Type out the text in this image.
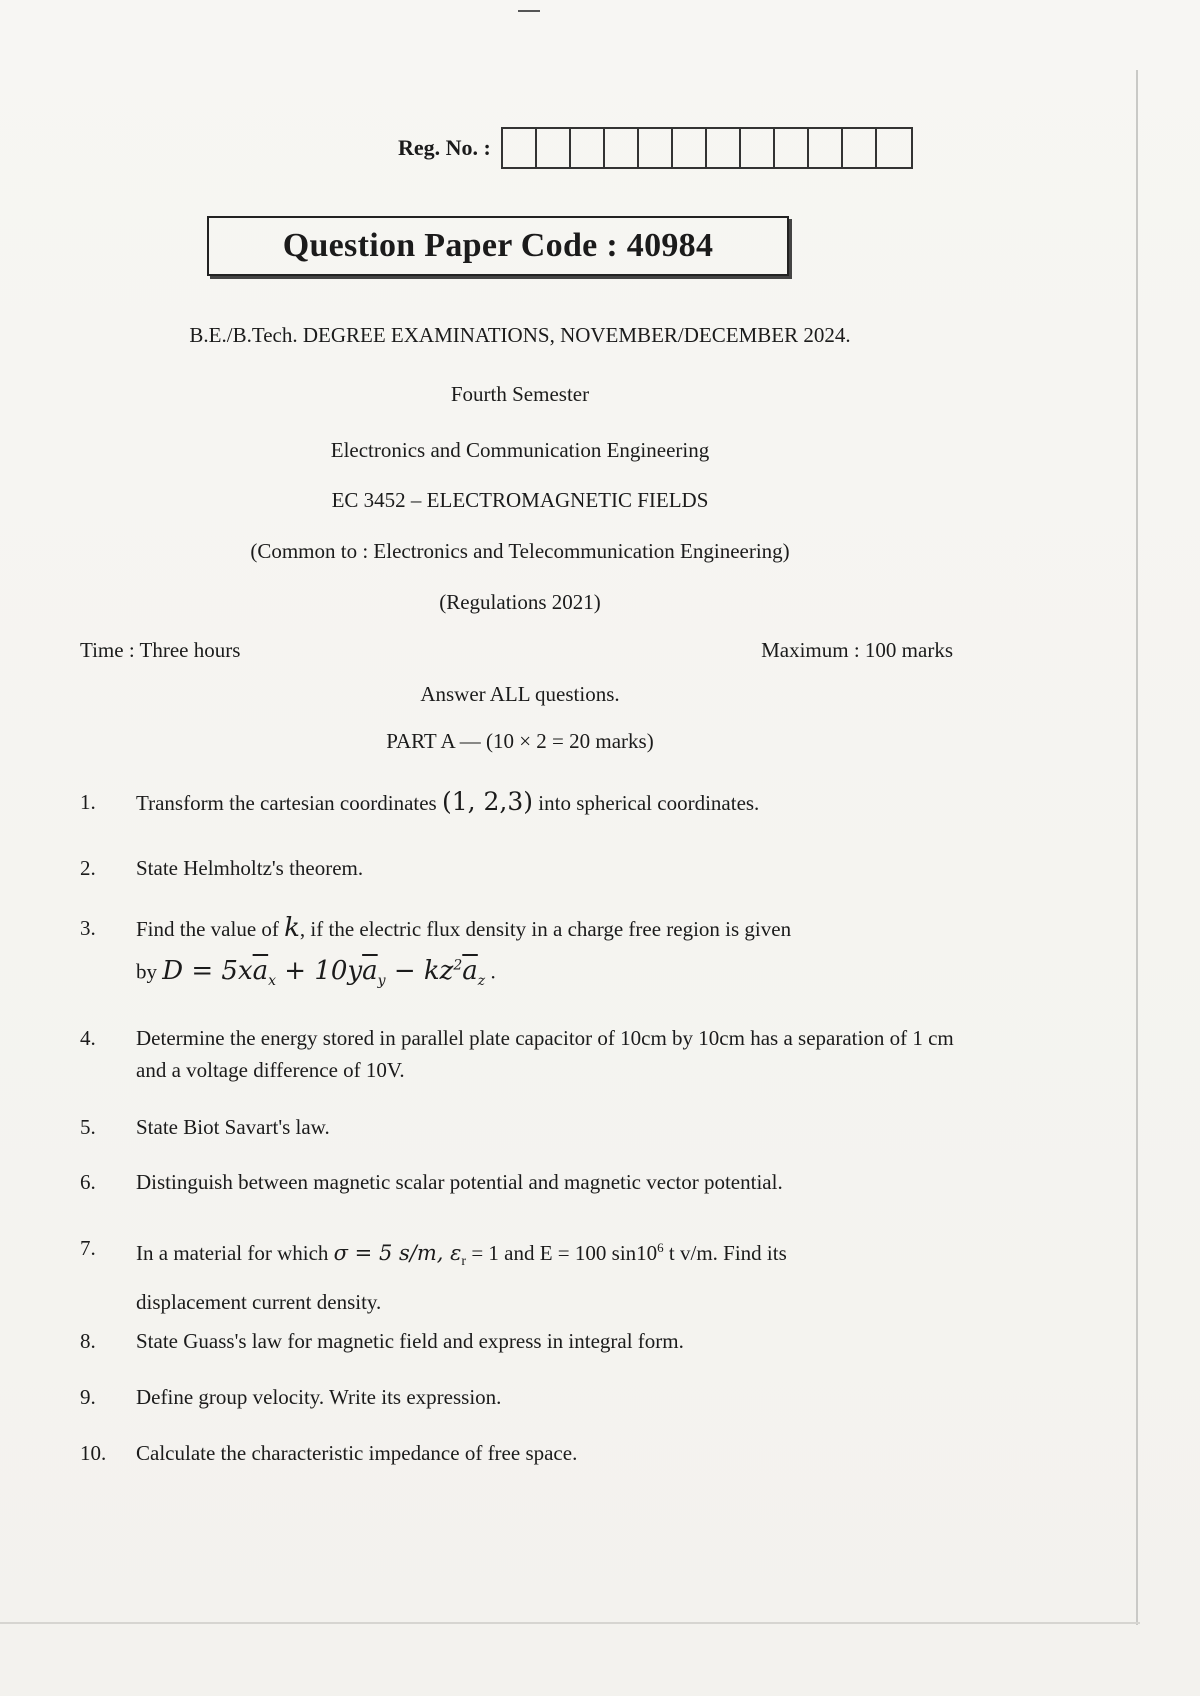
Reg. No. :
Question Paper Code : 40984
B.E./B.Tech. DEGREE EXAMINATIONS, NOVEMBER/DECEMBER 2024.
Fourth Semester
Electronics and Communication Engineering
EC 3452 – ELECTROMAGNETIC FIELDS
(Common to : Electronics and Telecommunication Engineering)
(Regulations 2021)
Time : Three hours	Maximum : 100 marks
Answer ALL questions.
PART A — (10 × 2 = 20 marks)
1.	Transform the cartesian coordinates (1, 2,3) into spherical coordinates.
2.	State Helmholtz's theorem.
3.	Find the value of k, if the electric flux density in a charge free region is given
by $D = 5x\overline{a}_x + 10y\overline{a}_y - kz^2\overline{a}_z$ .
4.	Determine the energy stored in parallel plate capacitor of 10cm by 10cm has a separation of 1 cm and a voltage difference of 10V.
5.	State Biot Savart's law.
6.	Distinguish between magnetic scalar potential and magnetic vector potential.
7.	In a material for which σ = 5 s/m, $\varepsilon_r = 1$ and E = 100 $\sin 10^6$ t v/m. Find its
displacement current density.
8.	State Guass's law for magnetic field and express in integral form.
9.	Define group velocity. Write its expression.
10.	Calculate the characteristic impedance of free space.
